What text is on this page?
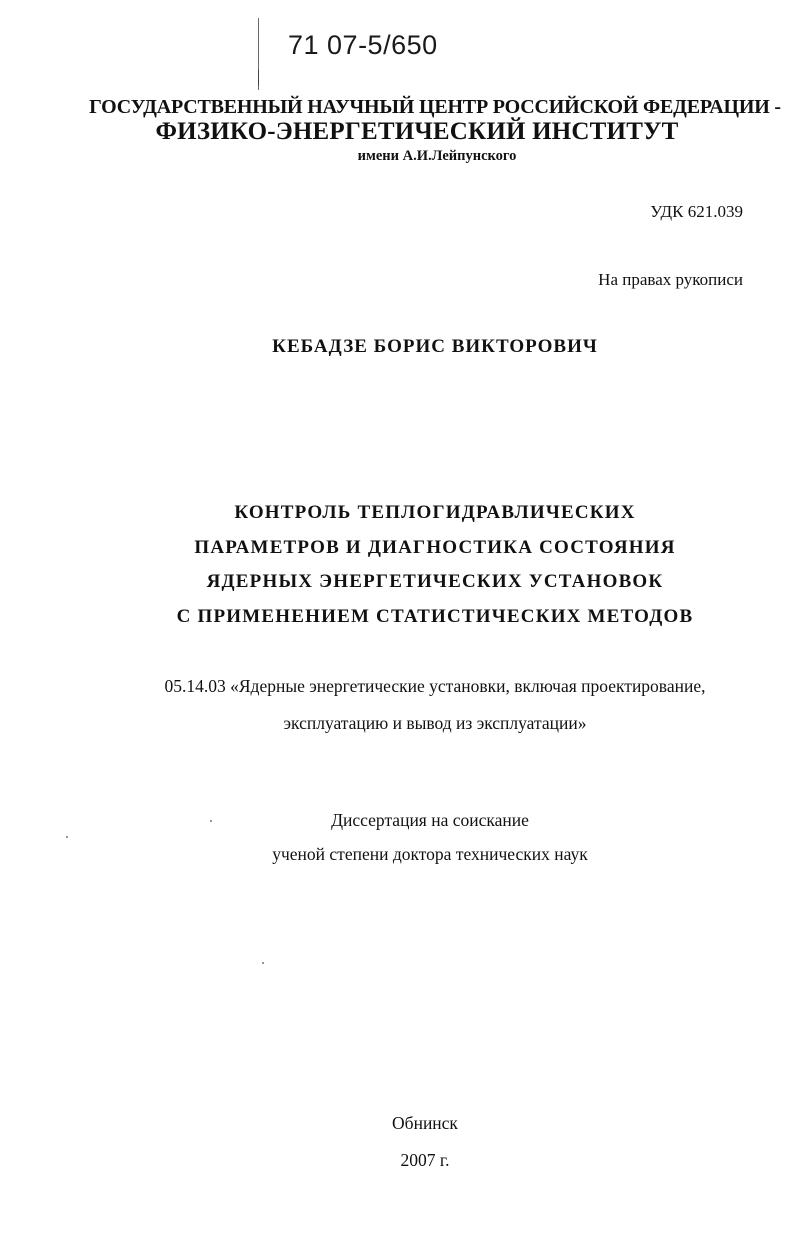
71 07-5/650
ГОСУДАРСТВЕННЫЙ НАУЧНЫЙ ЦЕНТР РОССИЙСКОЙ ФЕДЕРАЦИИ -
ФИЗИКО-ЭНЕРГЕТИЧЕСКИЙ ИНСТИТУТ
имени А.И.Лейпунского
УДК 621.039
На правах рукописи
КЕБАДЗЕ БОРИС ВИКТОРОВИЧ
КОНТРОЛЬ ТЕПЛОГИДРАВЛИЧЕСКИХ
ПАРАМЕТРОВ И ДИАГНОСТИКА СОСТОЯНИЯ
ЯДЕРНЫХ ЭНЕРГЕТИЧЕСКИХ УСТАНОВОК
С ПРИМЕНЕНИЕМ СТАТИСТИЧЕСКИХ МЕТОДОВ
05.14.03 «Ядерные энергетические установки, включая проектирование,
эксплуатацию и вывод из эксплуатации»
Диссертация на соискание
ученой степени доктора технических наук
Обнинск
2007 г.
